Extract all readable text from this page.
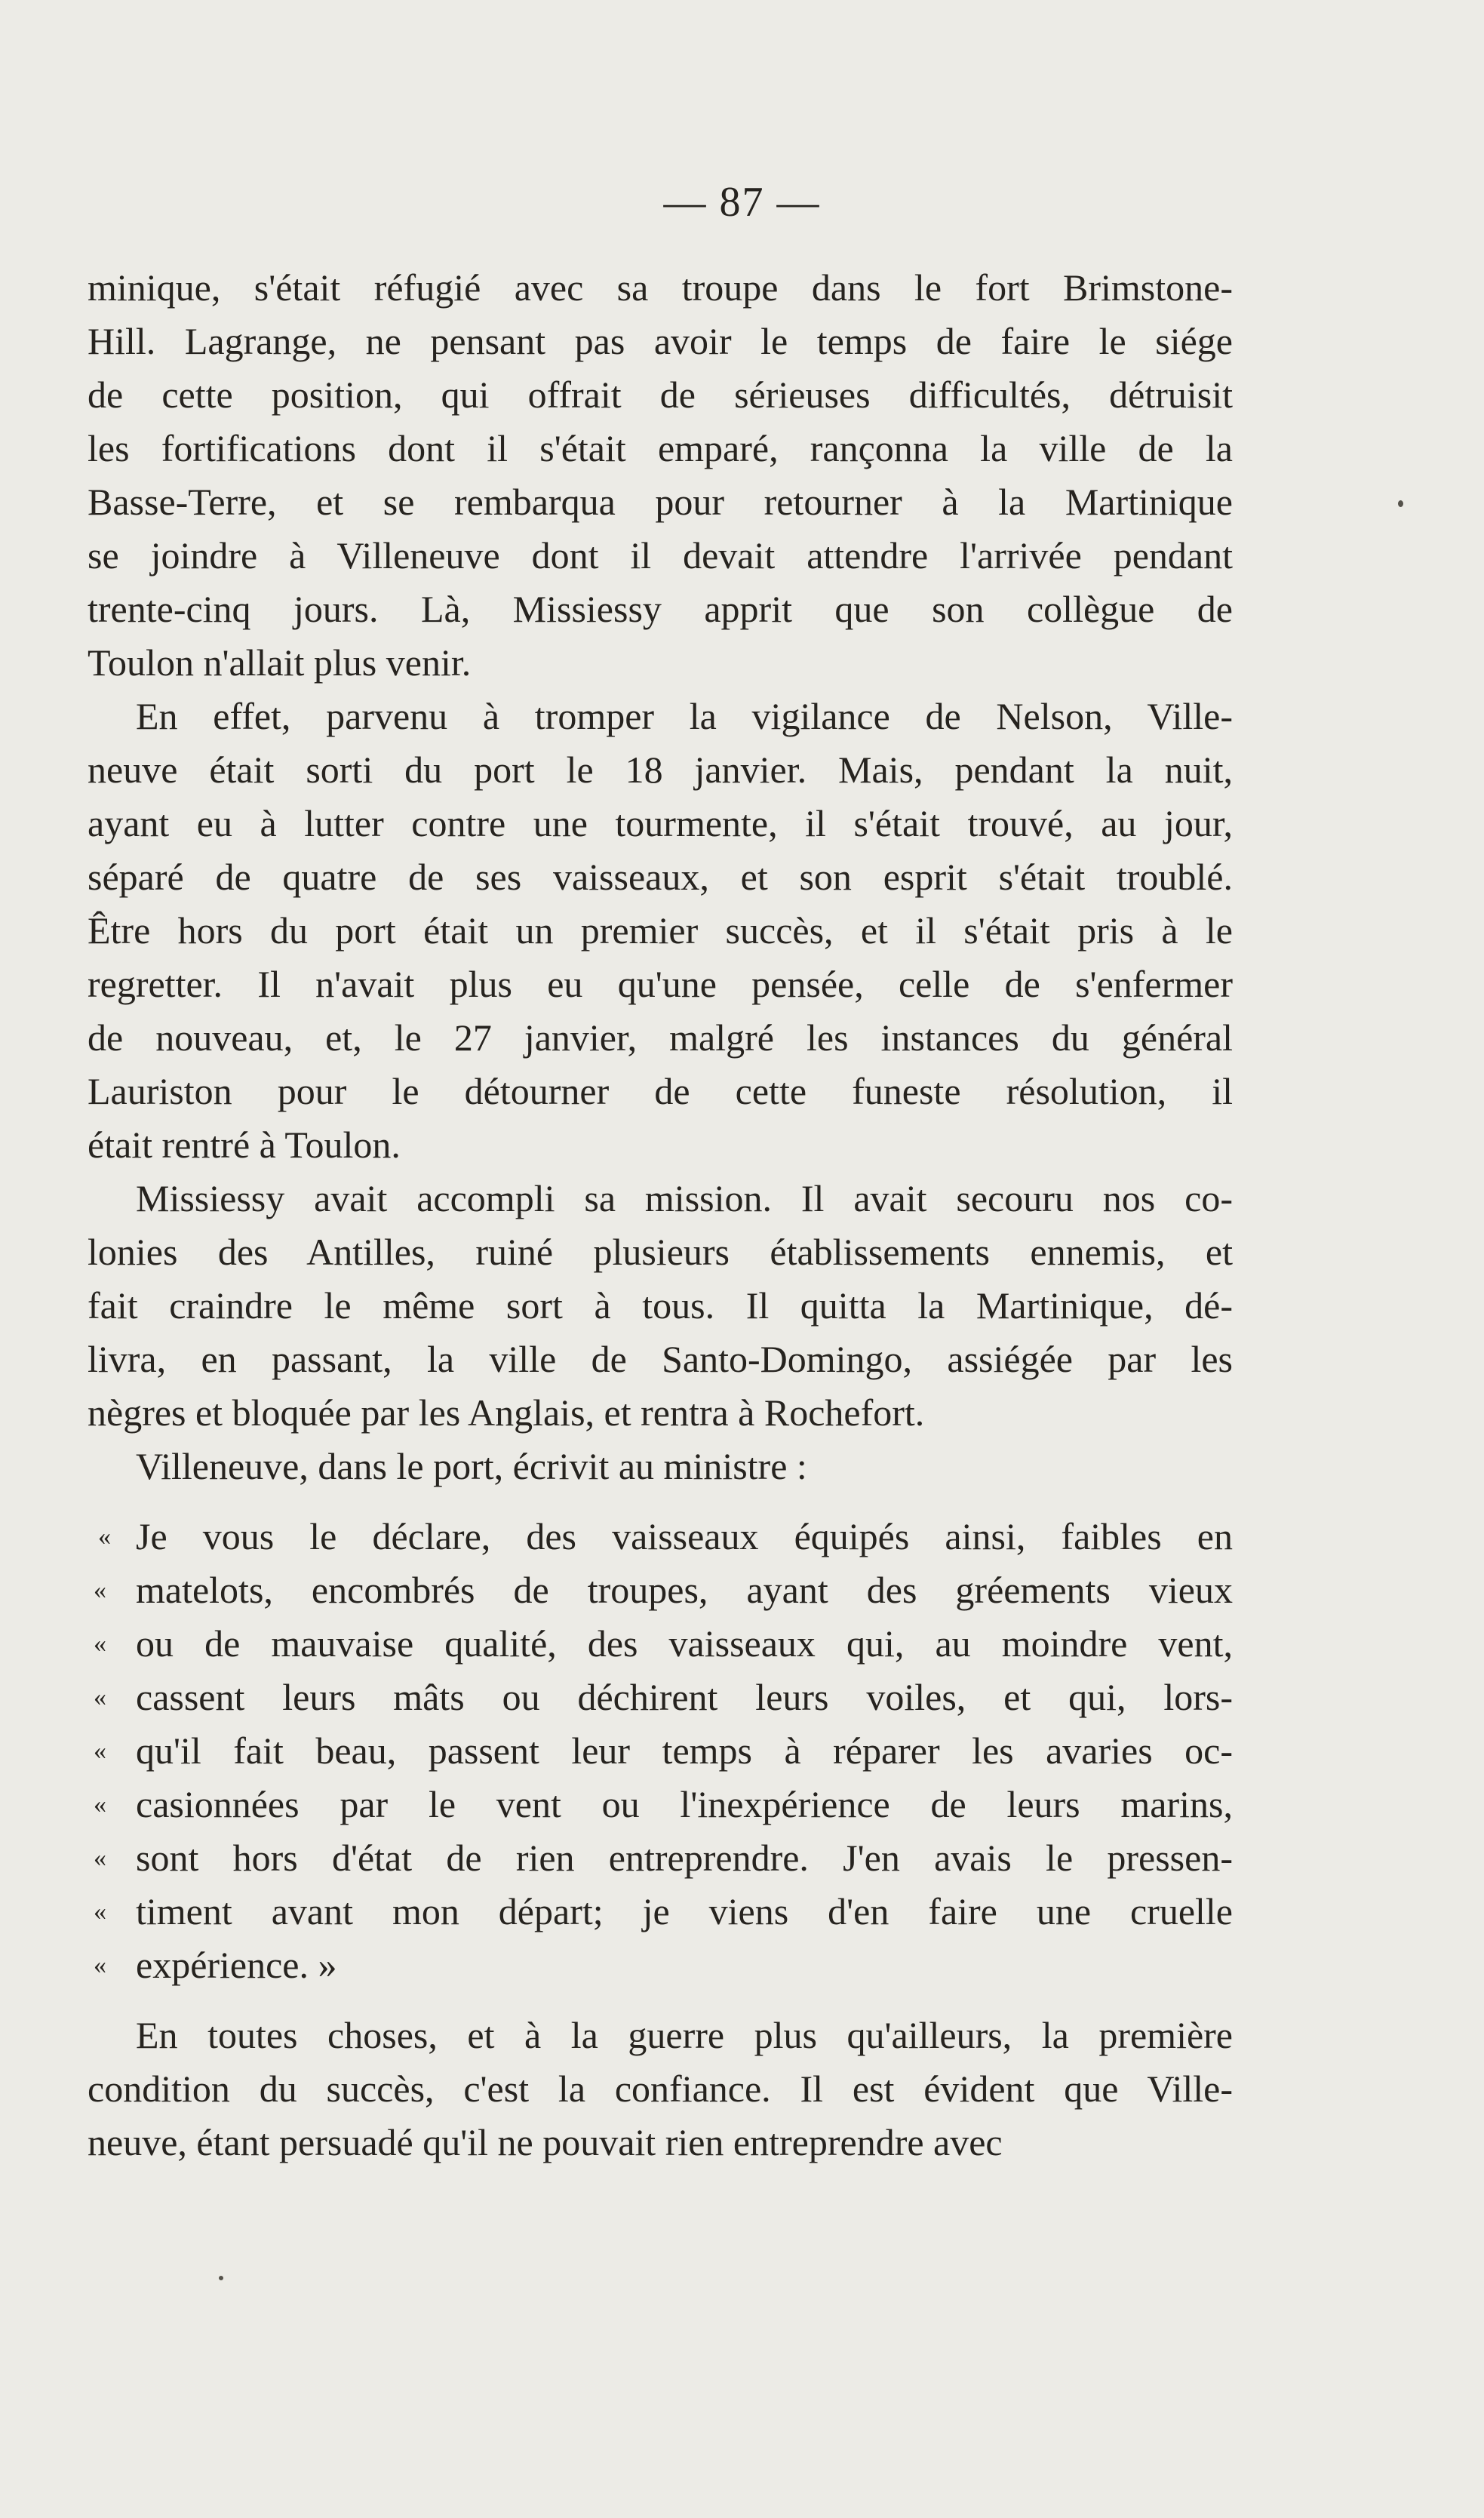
— 87 —
minique, s'était réfugié avec sa troupe dans le fort Brimstone-
Hill. Lagrange, ne pensant pas avoir le temps de faire le siége
de cette position, qui offrait de sérieuses difficultés, détruisit
les fortifications dont il s'était emparé, rançonna la ville de la
Basse-Terre, et se rembarqua pour retourner à la Martinique
se joindre à Villeneuve dont il devait attendre l'arrivée pendant
trente-cinq jours. Là, Missiessy apprit que son collègue de
Toulon n'allait plus venir.
En effet, parvenu à tromper la vigilance de Nelson, Ville-
neuve était sorti du port le 18 janvier. Mais, pendant la nuit,
ayant eu à lutter contre une tourmente, il s'était trouvé, au jour,
séparé de quatre de ses vaisseaux, et son esprit s'était troublé.
Être hors du port était un premier succès, et il s'était pris à le
regretter. Il n'avait plus eu qu'une pensée, celle de s'enfermer
de nouveau, et, le 27 janvier, malgré les instances du général
Lauriston pour le détourner de cette funeste résolution, il
était rentré à Toulon.
Missiessy avait accompli sa mission. Il avait secouru nos co-
lonies des Antilles, ruiné plusieurs établissements ennemis, et
fait craindre le même sort à tous. Il quitta la Martinique, dé-
livra, en passant, la ville de Santo-Domingo, assiégée par les
nègres et bloquée par les Anglais, et rentra à Rochefort.
Villeneuve, dans le port, écrivit au ministre :
« Je vous le déclare, des vaisseaux équipés ainsi, faibles en
« matelots, encombrés de troupes, ayant des gréements vieux
« ou de mauvaise qualité, des vaisseaux qui, au moindre vent,
« cassent leurs mâts ou déchirent leurs voiles, et qui, lors-
« qu'il fait beau, passent leur temps à réparer les avaries oc-
« casionnées par le vent ou l'inexpérience de leurs marins,
« sont hors d'état de rien entreprendre. J'en avais le pressen-
« timent avant mon départ; je viens d'en faire une cruelle
« expérience. »
En toutes choses, et à la guerre plus qu'ailleurs, la première
condition du succès, c'est la confiance. Il est évident que Ville-
neuve, étant persuadé qu'il ne pouvait rien entreprendre avec
